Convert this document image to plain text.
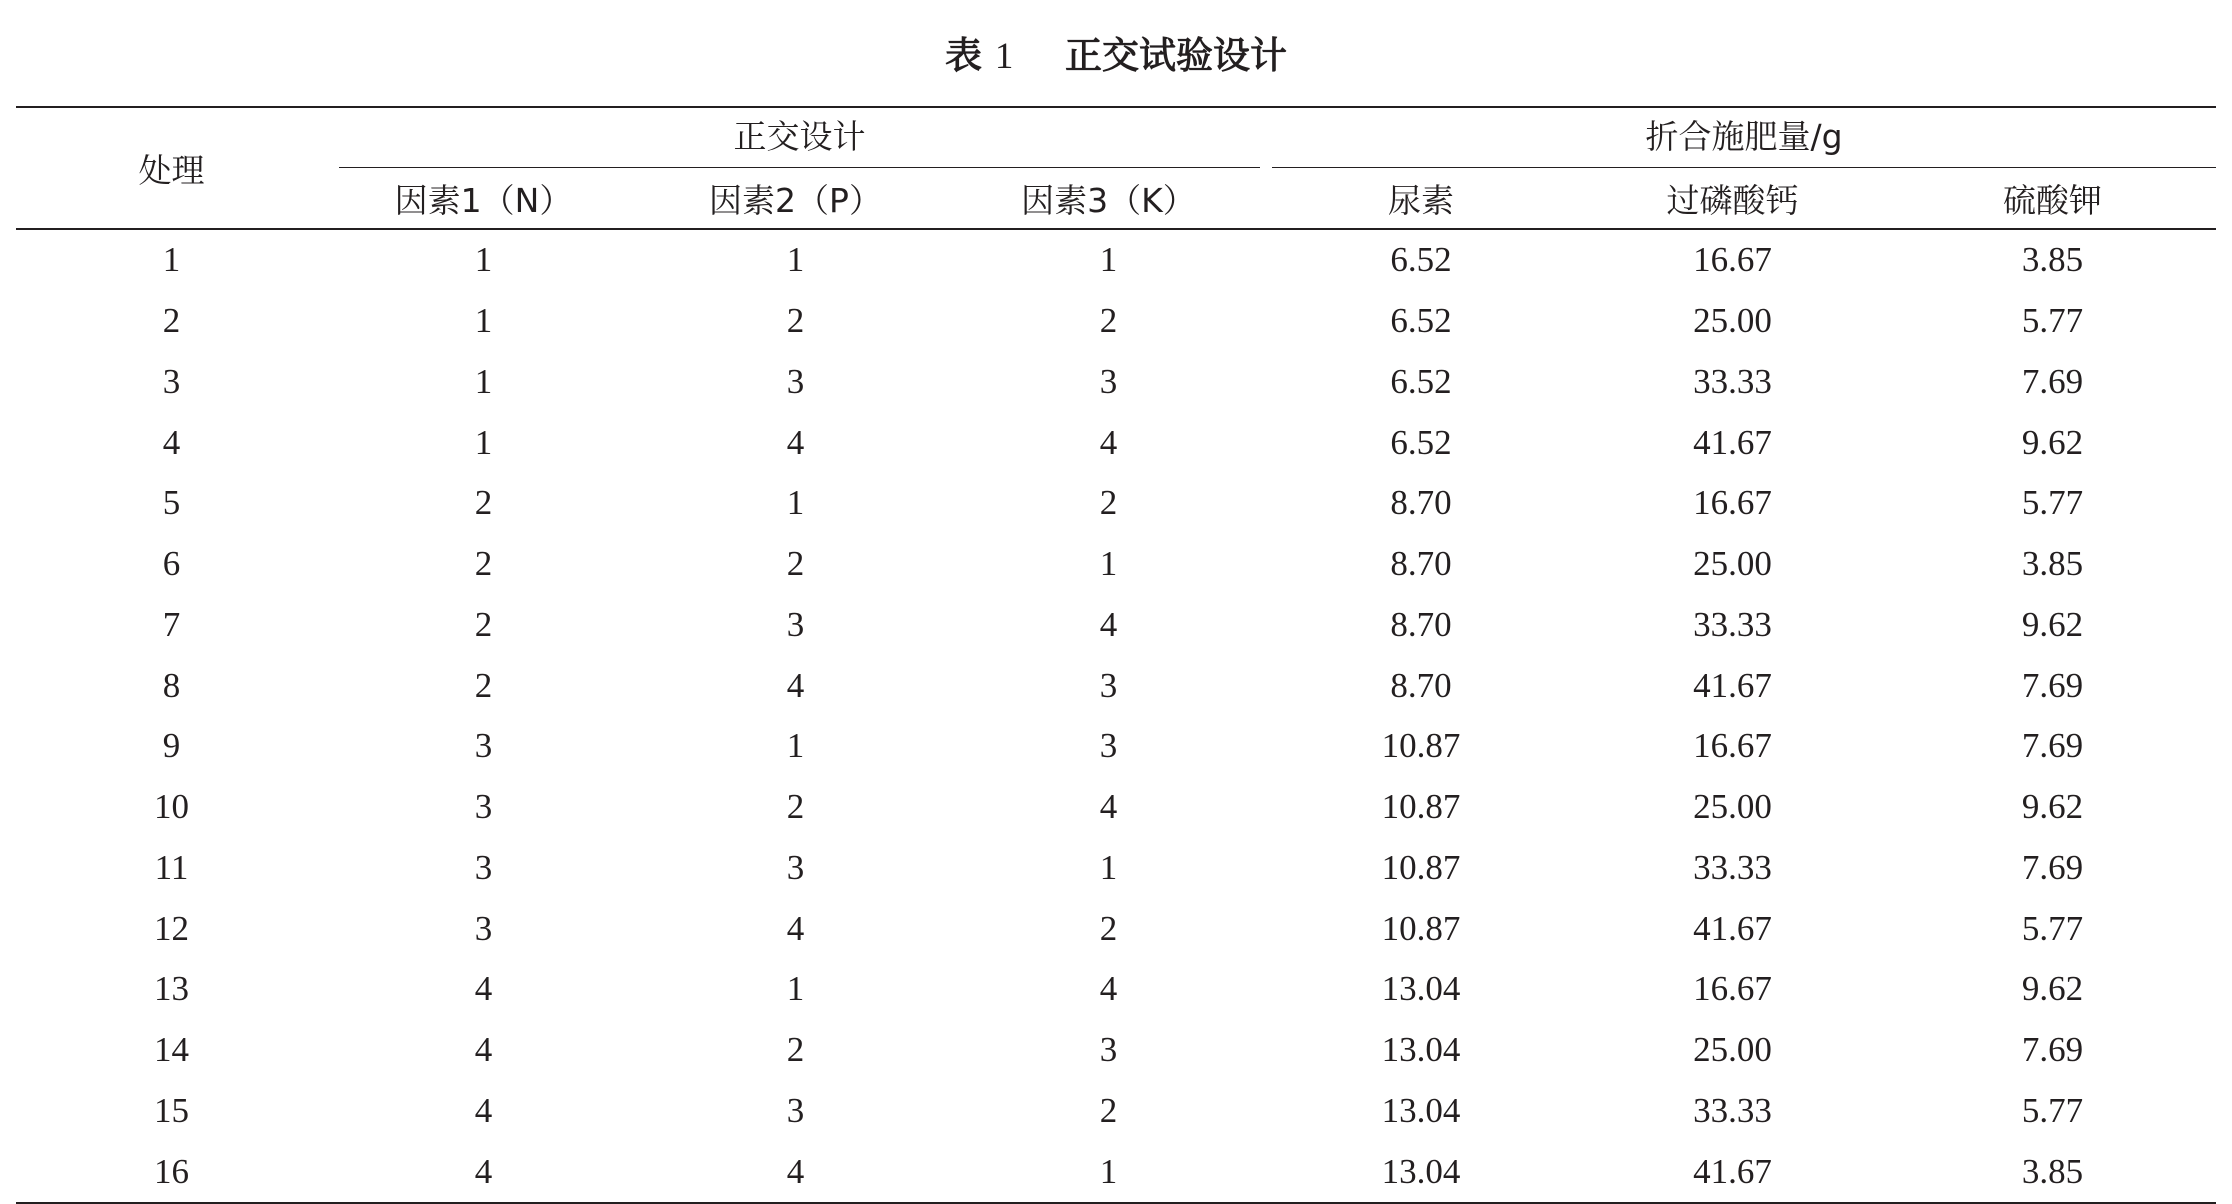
表 1 正交试验设计
处理	正交设计			折合施肥量/g		

	因素1（N）	因素2（P）	因素3（K）	尿素	过磷酸钙	硫酸钾
1	1	1	1	6.52	16.67	3.85
2	1	2	2	6.52	25.00	5.77
3	1	3	3	6.52	33.33	7.69
4	1	4	4	6.52	41.67	9.62
5	2	1	2	8.70	16.67	5.77
6	2	2	1	8.70	25.00	3.85
7	2	3	4	8.70	33.33	9.62
8	2	4	3	8.70	41.67	7.69
9	3	1	3	10.87	16.67	7.69
10	3	2	4	10.87	25.00	9.62
11	3	3	1	10.87	33.33	7.69
12	3	4	2	10.87	41.67	5.77
13	4	1	4	13.04	16.67	9.62
14	4	2	3	13.04	25.00	7.69
15	4	3	2	13.04	33.33	5.77
16	4	4	1	13.04	41.67	3.85
